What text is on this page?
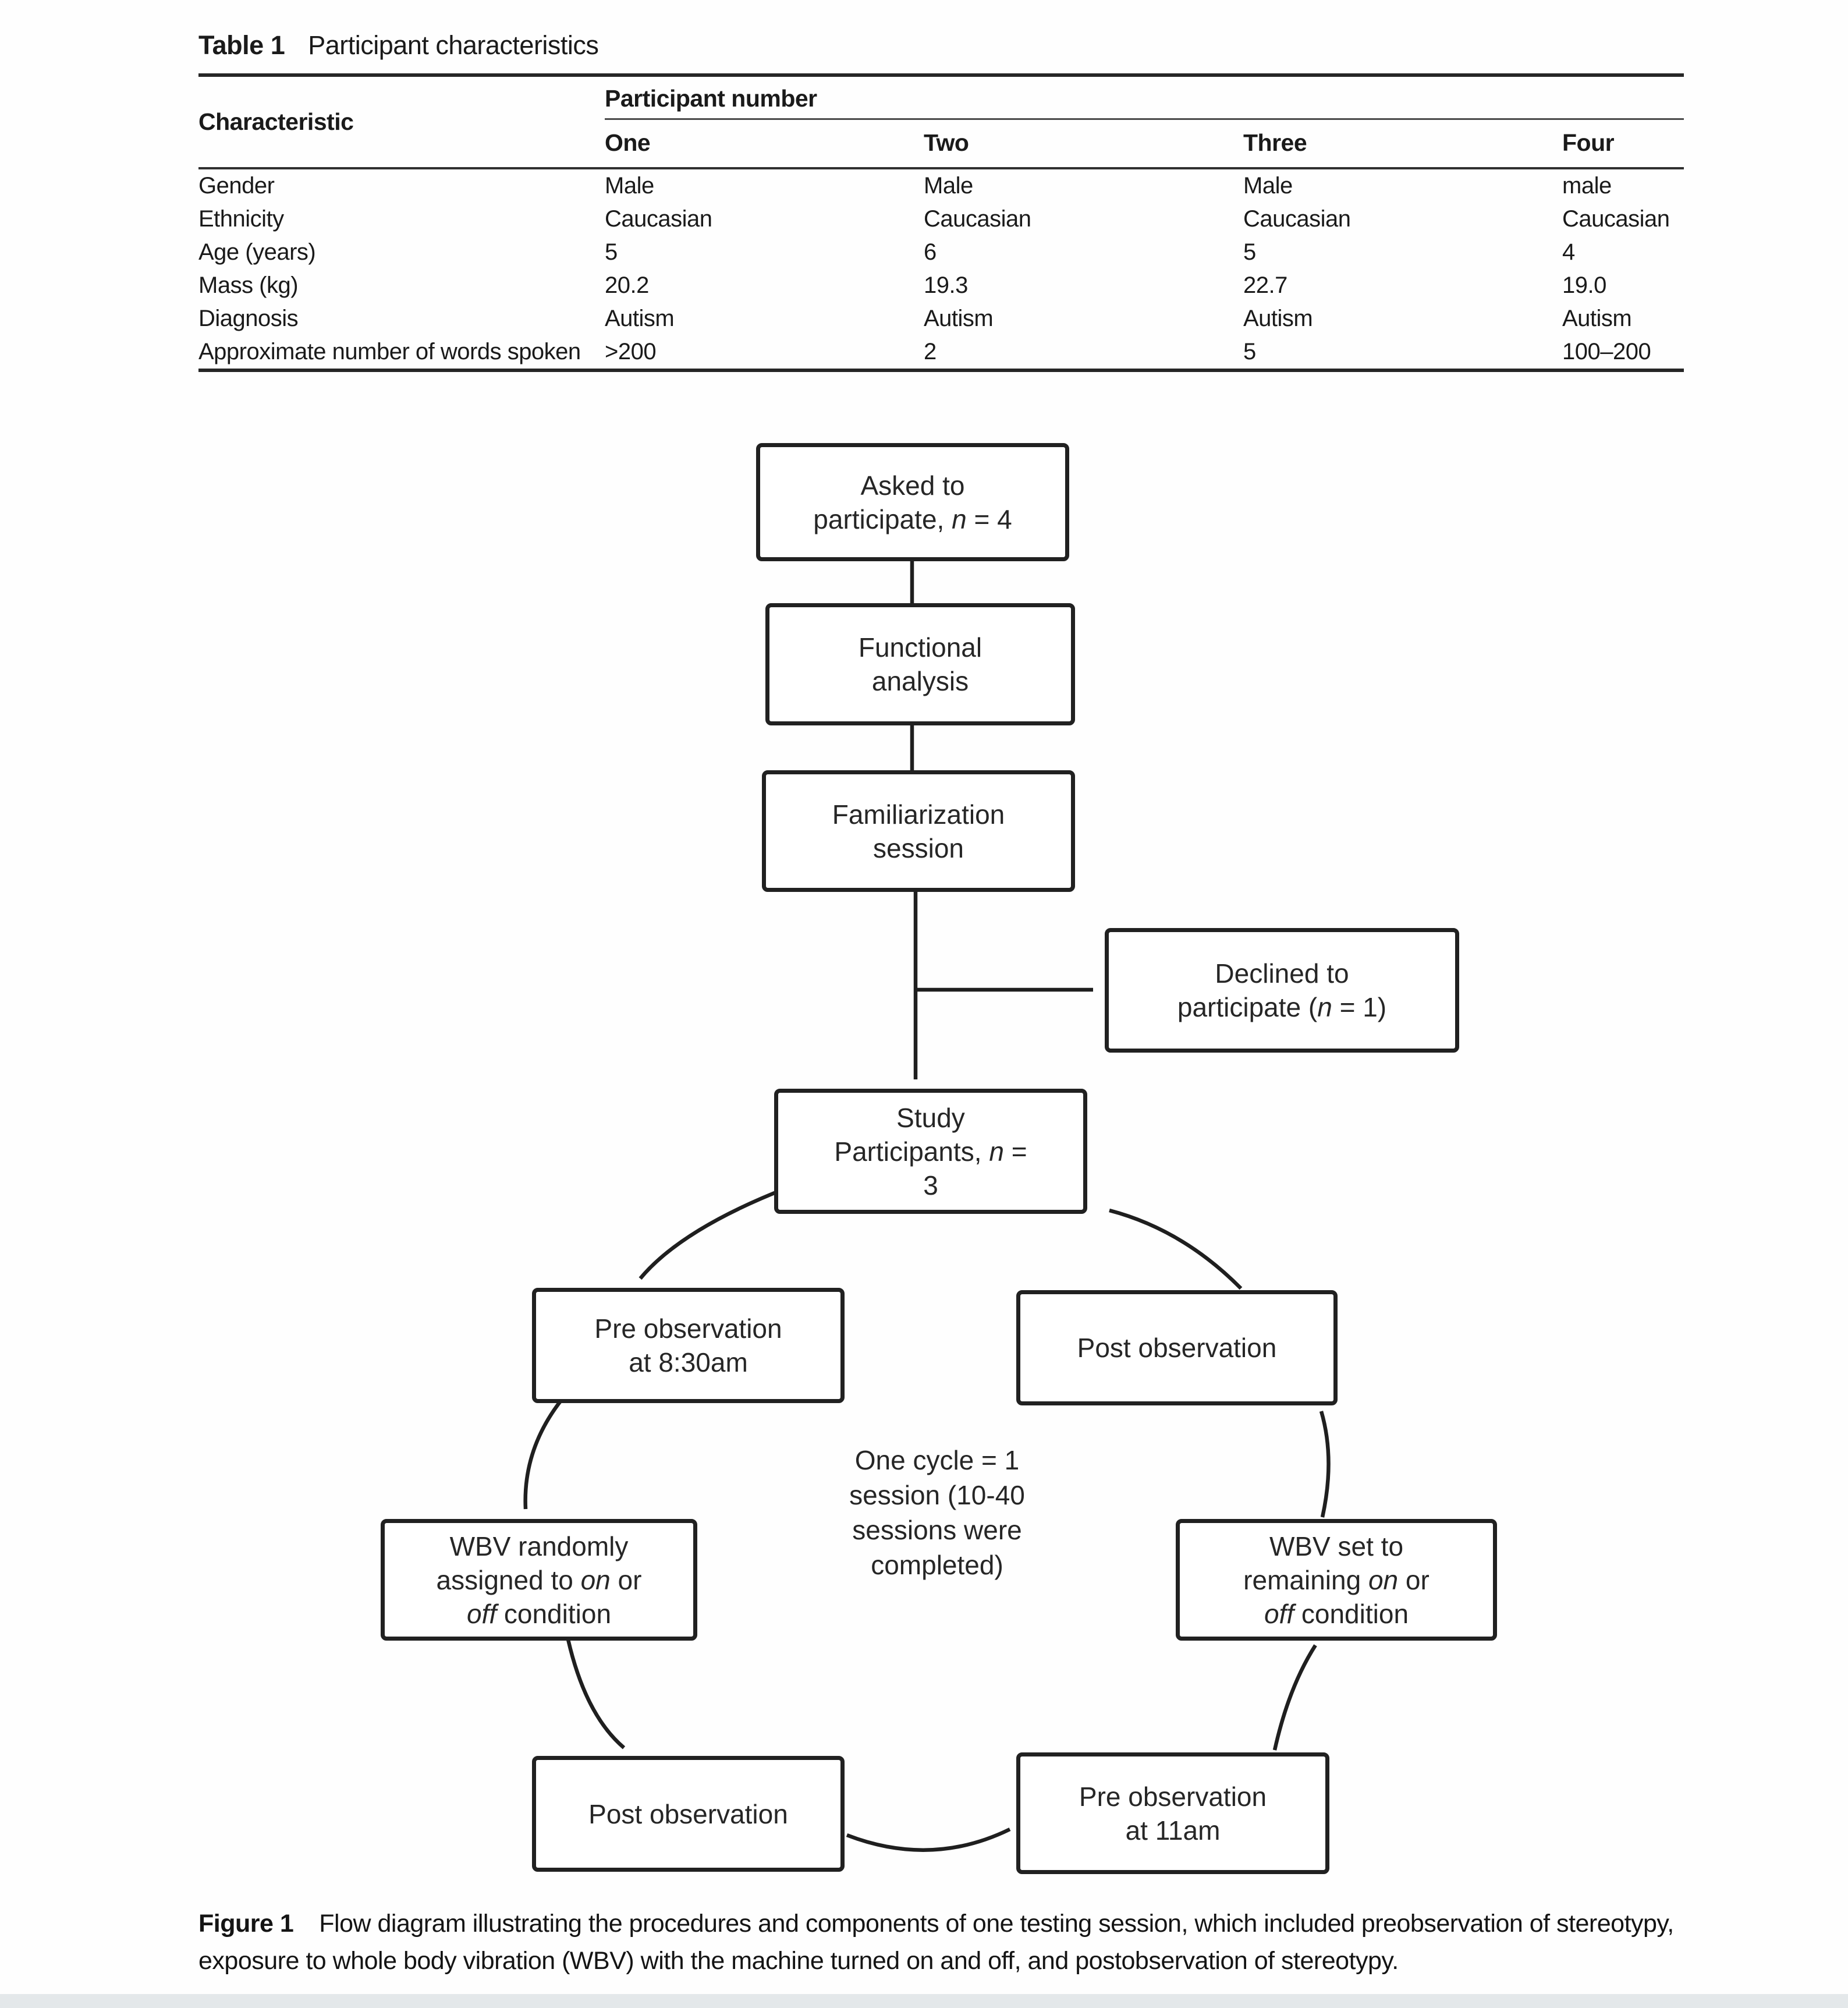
Table 1 Participant characteristics
Characteristic
Participant number
One	Two	Three	Four
Gender	Male	Male	Male	male
Ethnicity	Caucasian	Caucasian	Caucasian	Caucasian
Age (years)	5	6	5	4
Mass (kg)	20.2	19.3	22.7	19.0
Diagnosis	Autism	Autism	Autism	Autism
Approximate number of words spoken	>200	2	5	100–200
Asked to
participate, n = 4
Functional
analysis
Familiarization
session
Declined to
participate (n = 1)
Study
Participants, n =
3
Pre observation
at 8:30am	Post observation
WBV randomly
assigned to on or
off condition
WBV set to
remaining on or
off condition
Post observation
Pre observation
at 11am
One cycle = 1
session (10-40
sessions were
completed)
Figure 1 Flow diagram illustrating the procedures and components of one testing session, which included preobservation of stereotypy,
exposure to whole body vibration (WBV) with the machine turned on and off, and postobservation of stereotypy.
